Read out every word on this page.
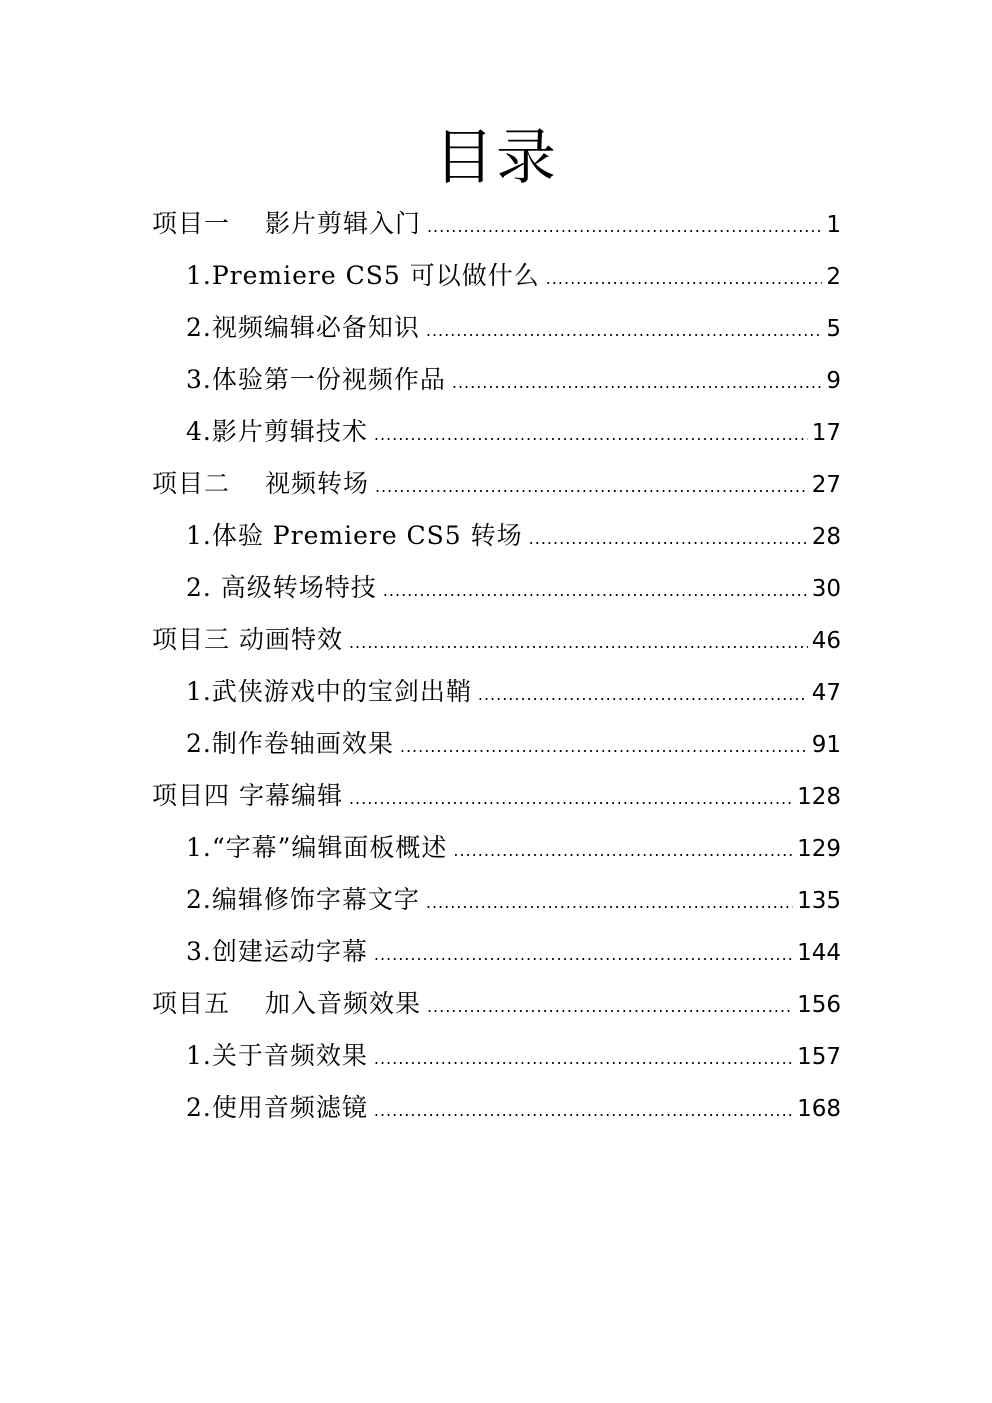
目录
项目一　 影片剪辑入门 .....	1
1.Premiere CS5 可以做什么 .....	2
2.视频编辑必备知识 .....	5
3.体验第一份视频作品 .....	9
4.影片剪辑技术 .....	17
项目二　 视频转场 .....	27
1.体验 Premiere CS5 转场 .....	28
2. 高级转场特技 .....	30
项目三 动画特效 .....	46
1.武侠游戏中的宝剑出鞘 .....	47
2.制作卷轴画效果 .....	91
项目四 字幕编辑 .....	128
1.“字幕”编辑面板概述 .....	129
2.编辑修饰字幕文字 .....	135
3.创建运动字幕 .....	144
项目五　 加入音频效果 .....	156
1.关于音频效果 .....	157
2.使用音频滤镜 .....	168
